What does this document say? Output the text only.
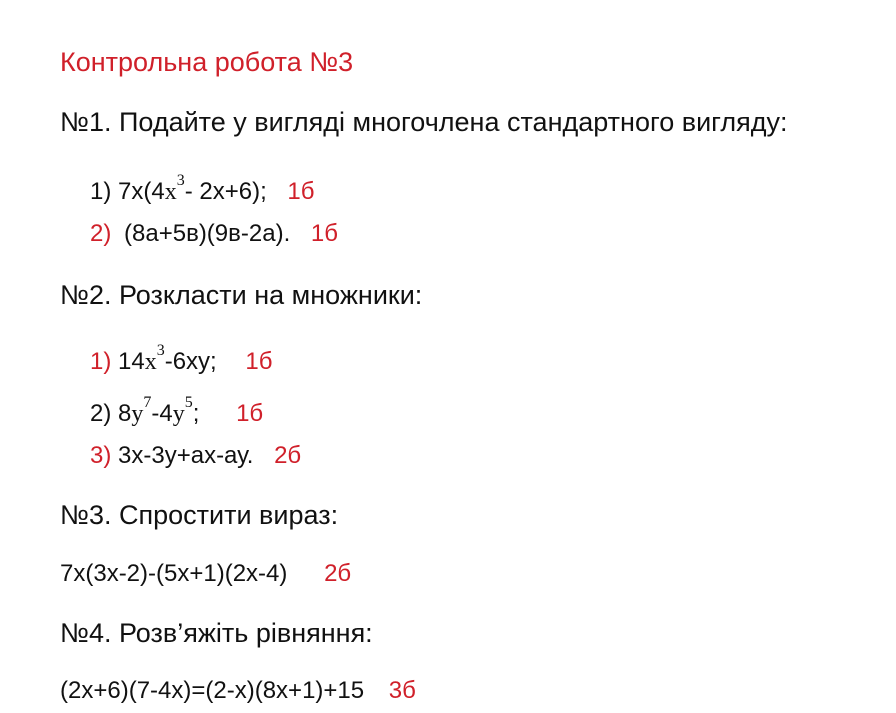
Контрольна робота №3
№1. Подайте у вигляді многочлена стандартного вигляду:
1) $7х(4x^3-$ 2х+6); 1б
2) (8а+5в)(9в-2а). 1б
№2. Розкласти на множники:
1) $14x^3-6ху$; 1б
2) $8y^7-4y^5$; 1б
3) 3х-3у+ах-ау. 2б
№3. Спростити вираз:
7х(3х-2)-(5х+1)(2х-4) 2б
№4. Розв’яжіть рівняння:
(2х+6)(7-4х)=(2-х)(8х+1)+15 3б
